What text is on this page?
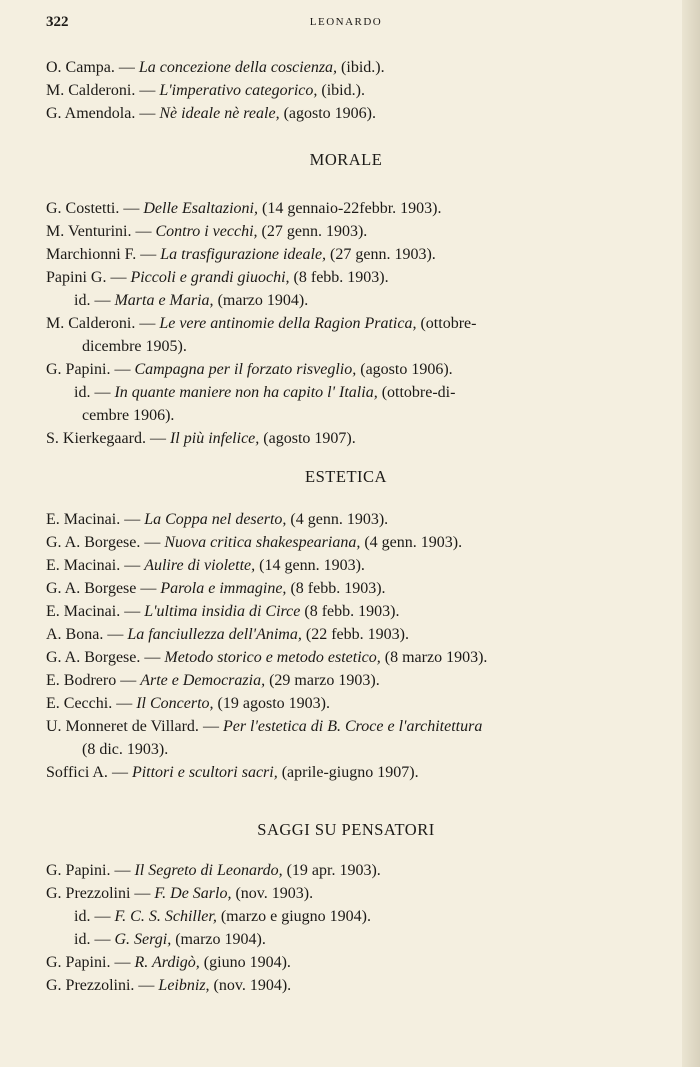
322	LEONARDO
O. Campa. — La concezione della coscienza, (ibid.).
M. Calderoni. — L'imperativo categorico, (ibid.).
G. Amendola. — Nè ideale nè reale, (agosto 1906).
MORALE
G. Costetti. — Delle Esaltazioni, (14 gennaio-22febbr. 1903).
M. Venturini. — Contro i vecchi, (27 genn. 1903).
Marchionni F. — La trasfigurazione ideale, (27 genn. 1903).
Papini G. — Piccoli e grandi giuochi, (8 febb. 1903).
id. — Marta e Maria, (marzo 1904).
M. Calderoni. — Le vere antinomie della Ragion Pratica, (ottobre-
dicembre 1905).
G. Papini. — Campagna per il forzato risveglio, (agosto 1906).
id. — In quante maniere non ha capito l' Italia, (ottobre-di-
cembre 1906).
S. Kierkegaard. — Il più infelice, (agosto 1907).
ESTETICA
E. Macinai. — La Coppa nel deserto, (4 genn. 1903).
G. A. Borgese. — Nuova critica shakespeariana, (4 genn. 1903).
E. Macinai. — Aulire di violette, (14 genn. 1903).
G. A. Borgese — Parola e immagine, (8 febb. 1903).
E. Macinai. — L'ultima insidia di Circe (8 febb. 1903).
A. Bona. — La fanciullezza dell'Anima, (22 febb. 1903).
G. A. Borgese. — Metodo storico e metodo estetico, (8 marzo 1903).
E. Bodrero — Arte e Democrazia, (29 marzo 1903).
E. Cecchi. — Il Concerto, (19 agosto 1903).
U. Monneret de Villard. — Per l'estetica di B. Croce e l'architettura
(8 dic. 1903).
Soffici A. — Pittori e scultori sacri, (aprile-giugno 1907).
SAGGI SU PENSATORI
G. Papini. — Il Segreto di Leonardo, (19 apr. 1903).
G. Prezzolini — F. De Sarlo, (nov. 1903).
id. — F. C. S. Schiller, (marzo e giugno 1904).
id. — G. Sergi, (marzo 1904).
G. Papini. — R. Ardigò, (giuno 1904).
G. Prezzolini. — Leibniz, (nov. 1904).
